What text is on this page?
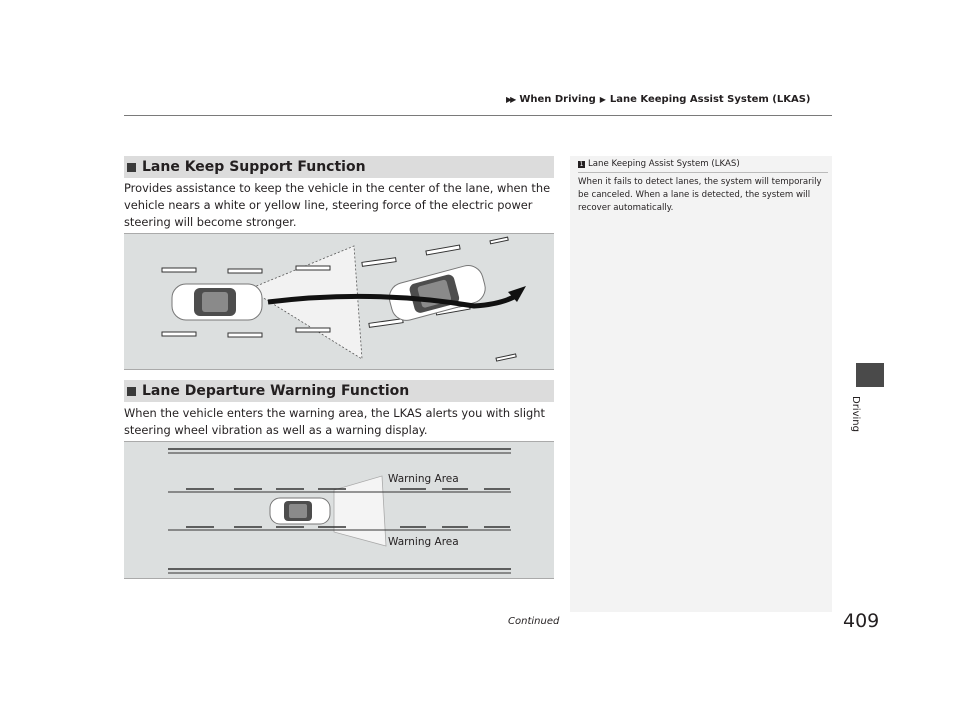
▶▶ When Driving ▶ Lane Keeping Assist System (LKAS)
Lane Keep Support Function
Provides assistance to keep the vehicle in the center of the lane, when the vehicle nears a white or yellow line, steering force of the electric power steering will become stronger.
Lane Departure Warning Function
When the vehicle enters the warning area, the LKAS alerts you with slight steering wheel vibration as well as a warning display.
Warning Area
Warning Area
1 Lane Keeping Assist System (LKAS)
When it fails to detect lanes, the system will temporarily be canceled. When a lane is detected, the system will recover automatically.
Driving
Continued	409
